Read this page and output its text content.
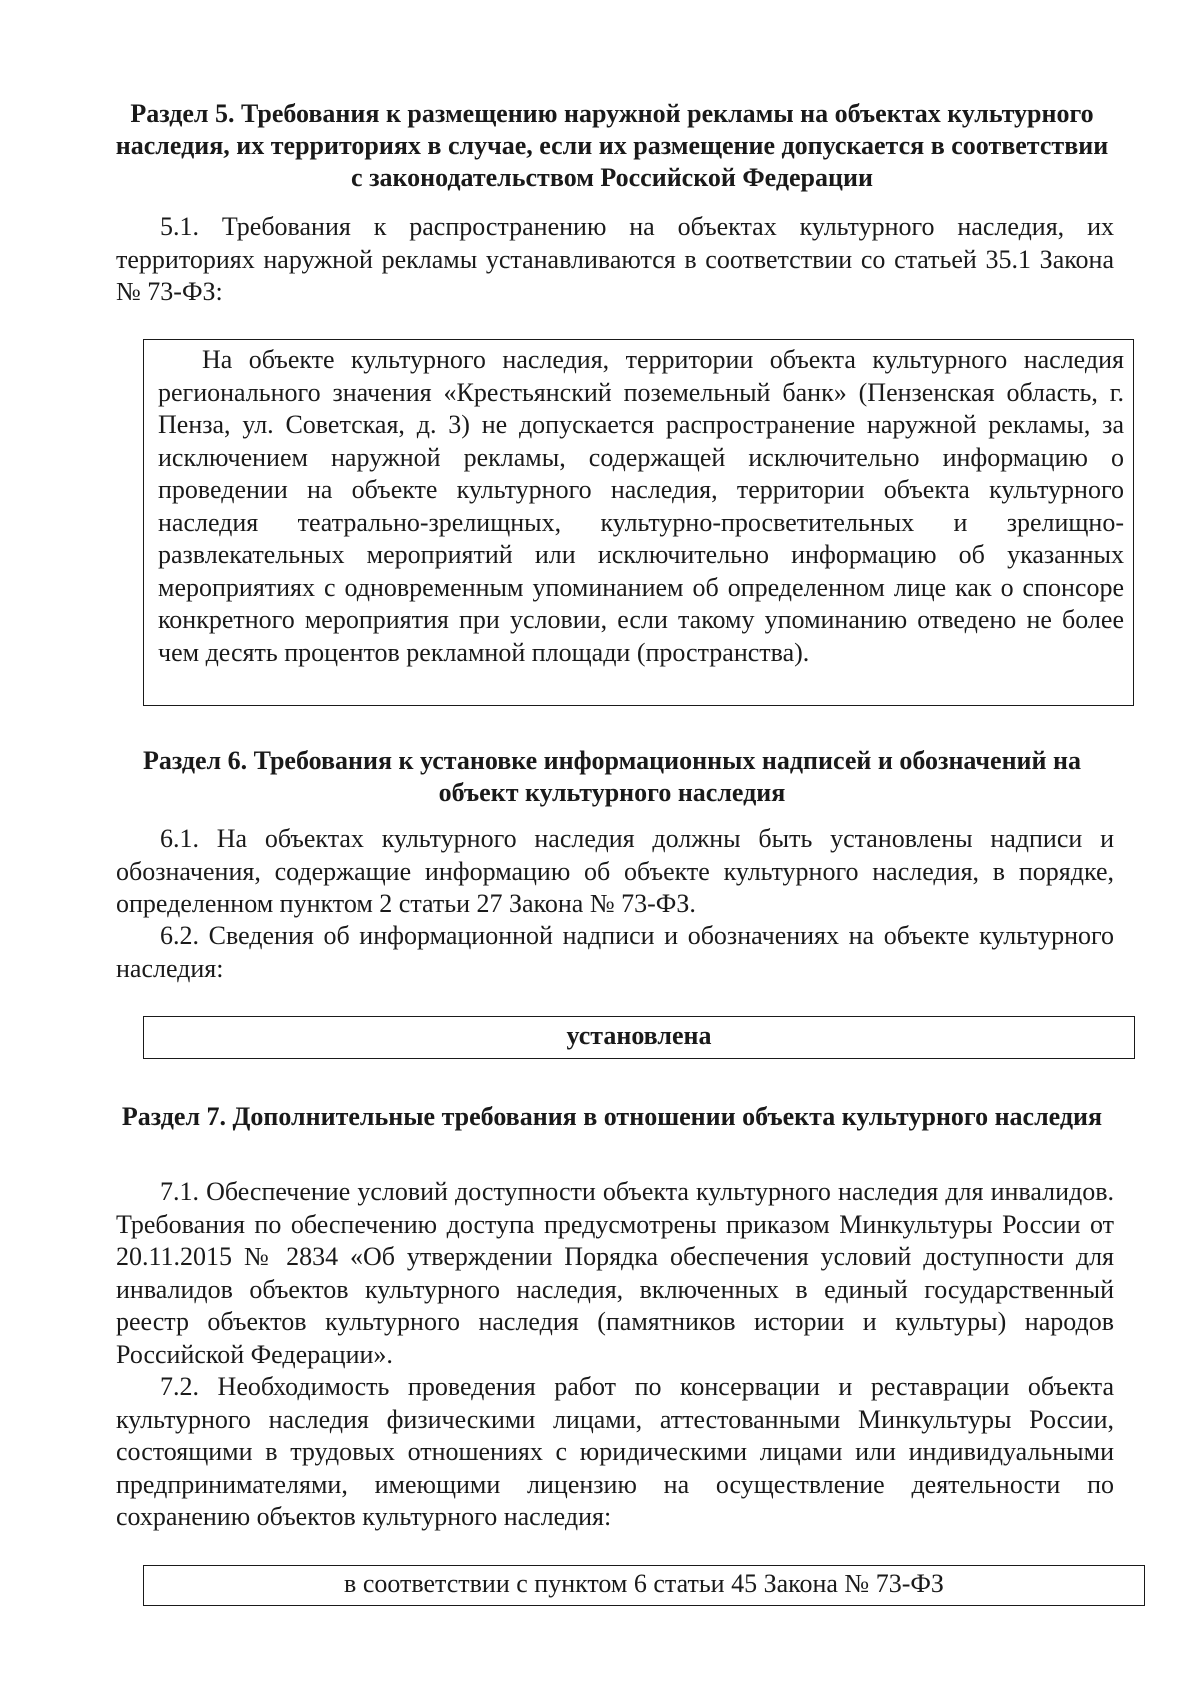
Раздел 5. Требования к размещению наружной рекламы на объектах культурного наследия, их территориях в случае, если их размещение допускается в соответствии с законодательством Российской Федерации

5.1. Требования к распространению на объектах культурного наследия, их территориях наружной рекламы устанавливаются в соответствии со статьей 35.1 Закона № 73-ФЗ:

На объекте культурного наследия, территории объекта культурного наследия регионального значения «Крестьянский поземельный банк» (Пензенская область, г. Пенза, ул. Советская, д. 3) не допускается распространение наружной рекламы, за исключением наружной рекламы, содержащей исключительно информацию о проведении на объекте культурного наследия, территории объекта культурного наследия театрально-зрелищных, культурно-просветительных и зрелищно-развлекательных мероприятий или исключительно информацию об указанных мероприятиях с одновременным упоминанием об определенном лице как о спонсоре конкретного мероприятия при условии, если такому упоминанию отведено не более чем десять процентов рекламной площади (пространства).

Раздел 6. Требования к установке информационных надписей и обозначений на объект культурного наследия

6.1. На объектах культурного наследия должны быть установлены надписи и обозначения, содержащие информацию об объекте культурного наследия, в порядке, определенном пунктом 2 статьи 27 Закона № 73-ФЗ.

6.2. Сведения об информационной надписи и обозначениях на объекте культурного наследия:

установлена

Раздел 7. Дополнительные требования в отношении объекта культурного наследия

7.1. Обеспечение условий доступности объекта культурного наследия для инвалидов. Требования по обеспечению доступа предусмотрены приказом Минкультуры России от 20.11.2015 № 2834 «Об утверждении Порядка обеспечения условий доступности для инвалидов объектов культурного наследия, включенных в единый государственный реестр объектов культурного наследия (памятников истории и культуры) народов Российской Федерации».

7.2. Необходимость проведения работ по консервации и реставрации объекта культурного наследия физическими лицами, аттестованными Минкультуры России, состоящими в трудовых отношениях с юридическими лицами или индивидуальными предпринимателями, имеющими лицензию на осуществление деятельности по сохранению объектов культурного наследия:

в соответствии с пунктом 6 статьи 45 Закона № 73-ФЗ
